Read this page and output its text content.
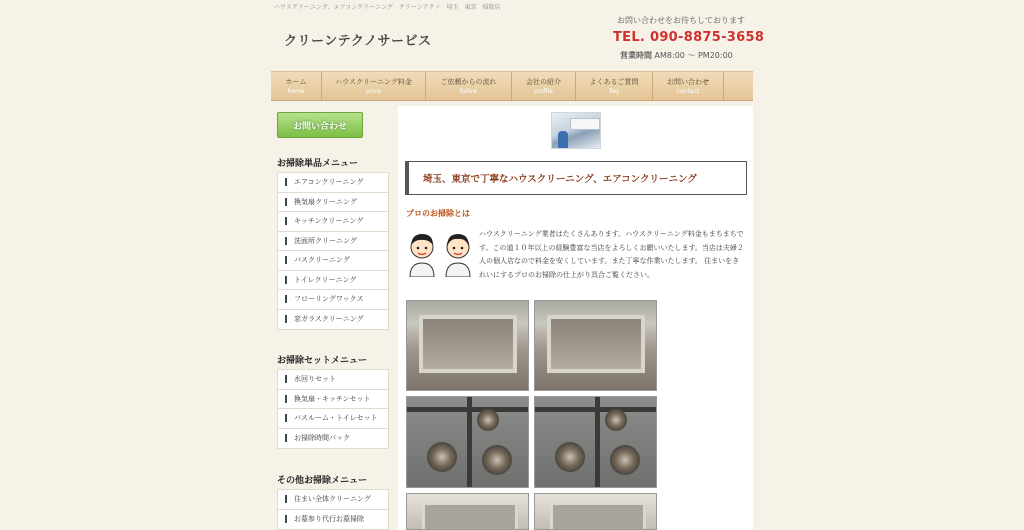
ハウスクリーニング、エアコンクリーニング　クリーンテクノ　埼玉　東京　掃除店
クリーンテクノサービス
お問い合わせをお待ちしております
TEL. 090-8875-3658
営業時間 AM8:00 〜 PM20:00
ホーム
home
ハウスクリーニング料金
price
ご依頼からの流れ
follow
会社の紹介
profile
よくあるご質問
faq
お問い合わせ
contact
お問い合わせ
お掃除単品メニュー
エアコンクリーニング
換気扇クリーニング
キッチンクリーニング
洗面所クリーニング
バスクリーニング
トイレクリーニング
フローリングワックス
窓ガラスクリーニング
お掃除セットメニュー
水回りセット
換気扇・キッチンセット
バスルーム・トイレセット
お掃除時間パック
その他お掃除メニュー
住まい全体クリーニング
お墓参り代行お墓掃除
埼玉、東京で丁寧なハウスクリーニング、エアコンクリーニング
プロのお掃除とは
ハウスクリーニング業者はたくさんあります。ハウスクリーニング料金もまちまちです。この道１０年以上の経験豊富な当店をよろしくお願いいたします。当店は夫婦２人の個人店なので料金を安くしています。また丁寧な作業いたします。 住まいをきれいにするプロのお掃除の仕上がり具合ご覧ください。
